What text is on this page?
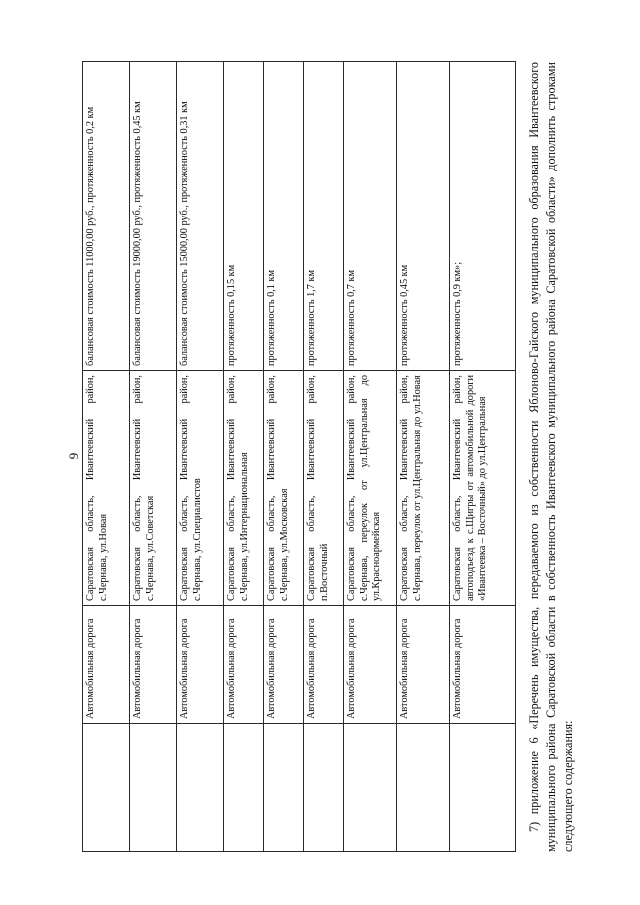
9
	Автомобильная дорога	Саратовская область, Ивантеевский район, с.Чернава, ул.Новая	балансовая стоимость 11000,00 руб., протяженность 0,2 км
	Автомобильная дорога	Саратовская область, Ивантеевский район, с.Чернава, ул.Советская	балансовая стоимость 19000,00 руб., протяженность 0,45 км
	Автомобильная дорога	Саратовская область, Ивантеевский район, с.Чернава, ул.Специалистов	балансовая стоимость 15000,00 руб., протяженность 0,31 км
	Автомобильная дорога	Саратовская область, Ивантеевский район, с.Чернава, ул.Интернациональная	протяженность 0,15 км
	Автомобильная дорога	Саратовская область, Ивантеевский район, с.Чернава, ул.Московская	протяженность 0,1 км
	Автомобильная дорога	Саратовская область, Ивантеевский район, п.Восточный	протяженность 1,7 км
	Автомобильная дорога	Саратовская область, Ивантеевский район, с.Чернава, переулок от ул.Центральная до ул.Красноармейская	протяженность 0,7 км
	Автомобильная дорога	Саратовская область, Ивантеевский район, с.Чернава, переулок от ул.Центральная до ул.Новая	протяженность 0,45 км
	Автомобильная дорога	Саратовская область, Ивантеевский район, автоподъезд к с.Щигры от автомобильной дороги «Ивантеевка – Восточный» до ул.Центральная	протяженность 0,9 км»;	7) приложение 6 «Перечень имущества, передаваемого из собственности Яблоново-Гайского муниципального образования Ивантеевского муниципального района Саратовской области в собственность Ивантеевского муниципального района Саратовской области» дополнить строками следующего содержания:
